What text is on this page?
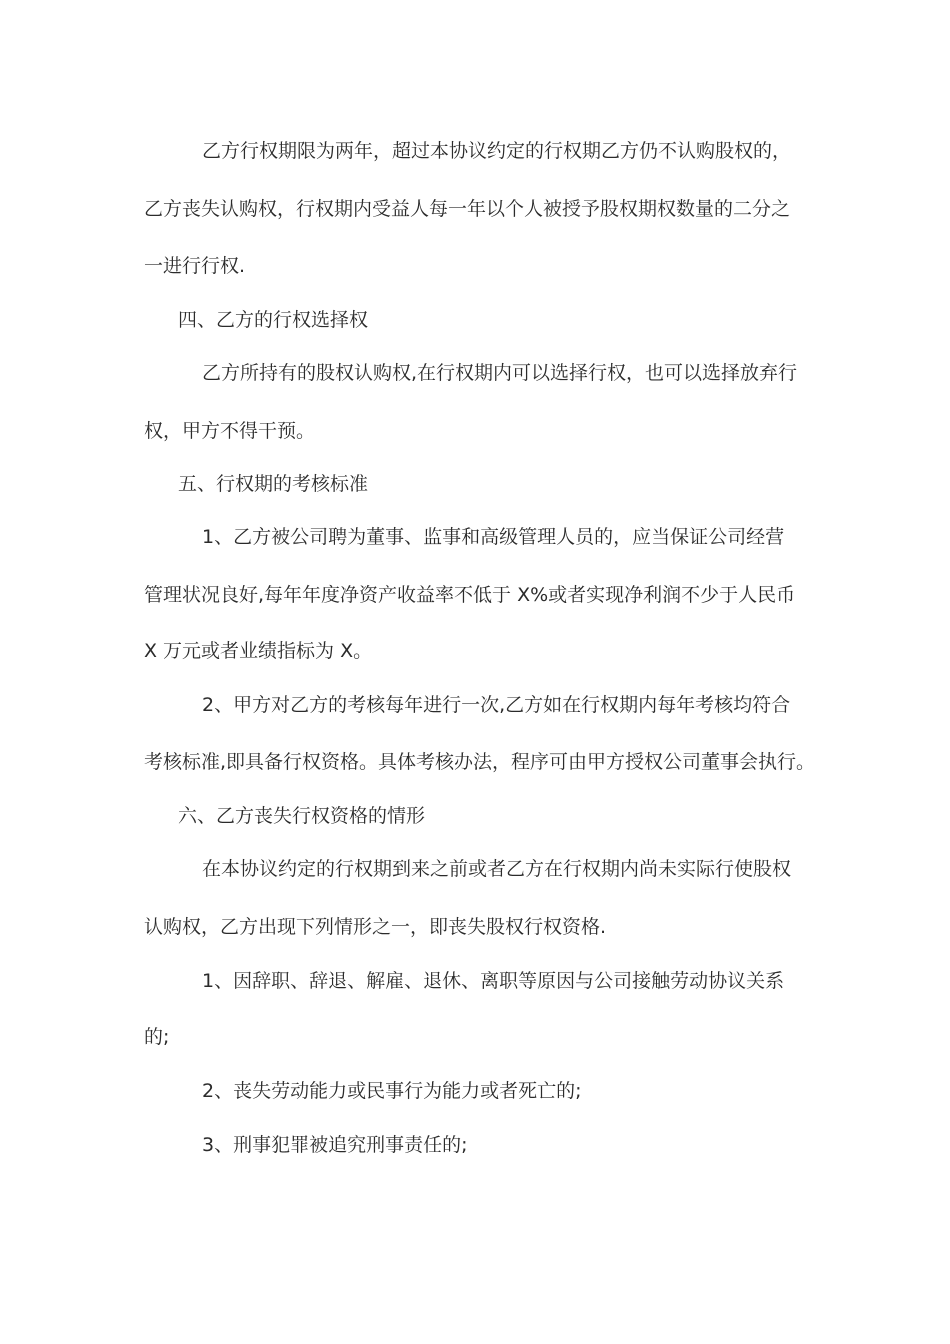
乙方行权期限为两年，超过本协议约定的行权期乙方仍不认购股权的，
乙方丧失认购权，行权期内受益人每一年以个人被授予股权期权数量的二分之
一进行行权.
四、乙方的行权选择权
乙方所持有的股权认购权,在行权期内可以选择行权，也可以选择放弃行
权，甲方不得干预。
五、行权期的考核标准
1、乙方被公司聘为董事、监事和高级管理人员的，应当保证公司经营
管理状况良好,每年年度净资产收益率不低于 X%或者实现净利润不少于人民币
X 万元或者业绩指标为 X。
2、甲方对乙方的考核每年进行一次,乙方如在行权期内每年考核均符合
考核标准,即具备行权资格。具体考核办法，程序可由甲方授权公司董事会执行。
六、乙方丧失行权资格的情形
在本协议约定的行权期到来之前或者乙方在行权期内尚未实际行使股权
认购权，乙方出现下列情形之一，即丧失股权行权资格.
1、因辞职、辞退、解雇、退休、离职等原因与公司接触劳动协议关系
的;
2、丧失劳动能力或民事行为能力或者死亡的;
3、刑事犯罪被追究刑事责任的;
